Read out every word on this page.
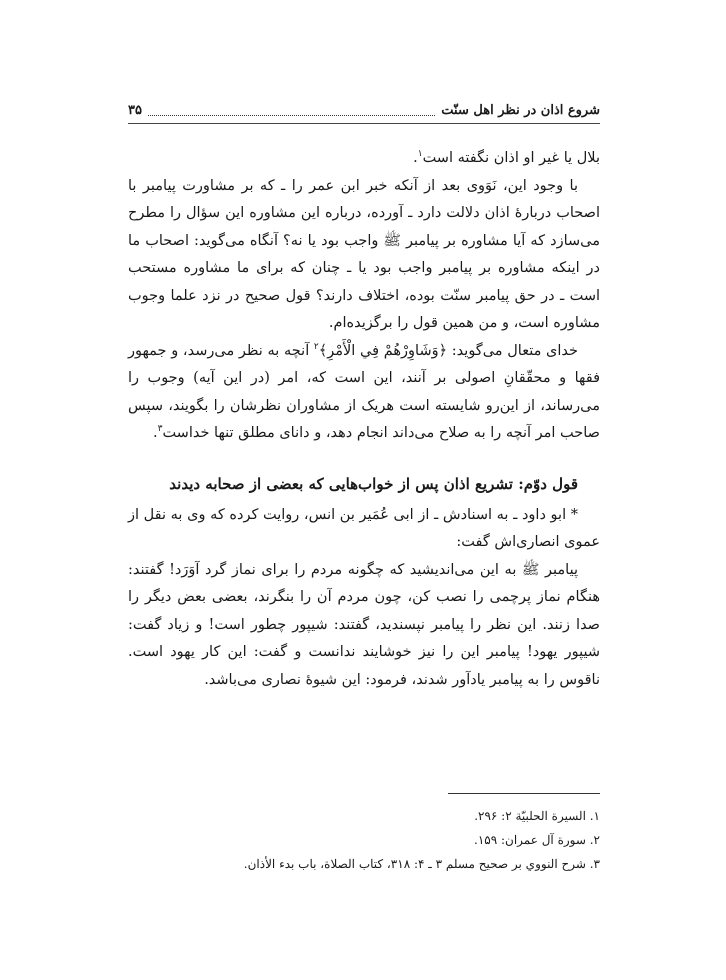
۳۵	شروع اذان در نظر اهل سنّت

بلال یا غیر او اذان نگفته است$^۱$.

با وجود این، نَوَوی بعد از آنکه خبر ابن عمر را ـ که بر مشاورت پیامبر با اصحاب دربارهٔ اذان دلالت دارد ـ آورده، درباره این مشاوره این سؤال را مطرح می‌سازد که آیا مشاوره بر پیامبر ﷺ واجب بود یا نه؟ آنگاه می‌گوید: اصحاب ما در اینکه مشاوره بر پیامبر واجب بود یا ـ چنان که برای ما مشاوره مستحب است ـ در حق پیامبر سنّت بوده، اختلاف دارند؟ قول صحیح در نزد علما وجوب مشاوره است، و من همین قول را برگزیده‌ام.

خدای متعال می‌گوید: ﴿وَشَاوِرْهُمْ فِي الْأَمْرِ﴾$^۲$ آنچه به نظر می‌رسد، و جمهور فقها و محقّقانِ اصولی بر آنند، این است که، امر (در این آیه) وجوب را می‌رساند، از این‌رو شایسته است هریک از مشاوران نظرشان را بگویند، سپس صاحب امر آنچه را به صلاح می‌داند انجام دهد، و دانای مطلق تنها خداست$^۳$.

قول دوّم: تشریع اذان پس از خواب‌هایی که بعضی از صحابه دیدند

* ابو داود ـ به اسنادش ـ از ابی عُمَیر بن انس، روایت کرده که وی به نقل از عموی انصاری‌اش گفت:

پیامبر ﷺ به این می‌اندیشید که چگونه مردم را برای نماز گرد آوَرَد! گفتند: هنگام نماز پرچمی را نصب کن، چون مردم آن را بنگرند، بعضی بعض دیگر را صدا زنند. این نظر را پیامبر نپسندید، گفتند: شیپور چطور است! و زیاد گفت: شیپور یهود! پیامبر این را نیز خوشایند ندانست و گفت: این کار یهود است. ناقوس را به پیامبر یادآور شدند، فرمود: این شیوهٔ نصاری می‌باشد.

۱. السيرة الحلبيّة ۲: ۲۹۶.
۲. سورة آل عمران: ۱۵۹.
۳. شرح النووي بر صحيح مسلم ۳ ـ ۴: ۳۱۸، كتاب الصلاة، باب بدء الأذان.
